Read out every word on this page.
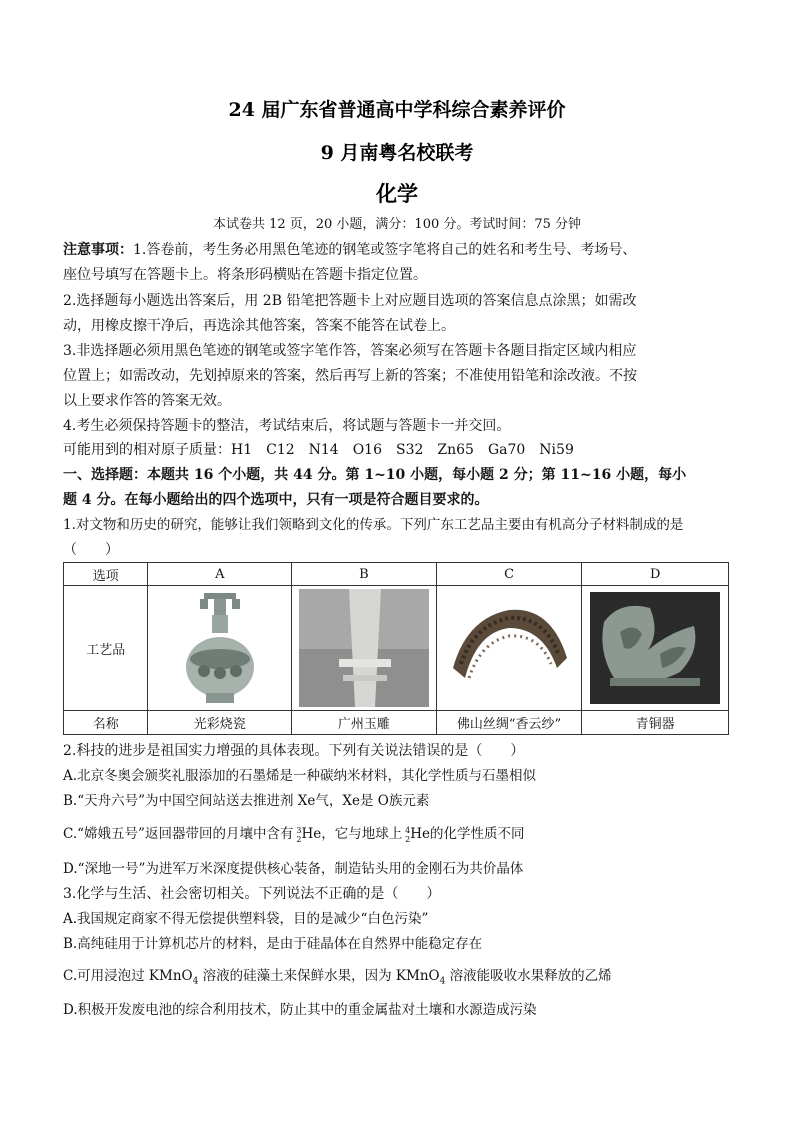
24 届广东省普通高中学科综合素养评价
9 月南粤名校联考
化学
本试卷共 12 页，20 小题，满分：100 分。考试时间：75 分钟
注意事项：1.答卷前，考生务必用黑色笔迹的钢笔或签字笔将自己的姓名和考生号、考场号、
座位号填写在答题卡上。将条形码横贴在答题卡指定位置。
2.选择题每小题选出答案后，用 2B 铅笔把答题卡上对应题目选项的答案信息点涂黑；如需改
动，用橡皮擦干净后，再选涂其他答案，答案不能答在试卷上。
3.非选择题必须用黑色笔迹的钢笔或签字笔作答，答案必须写在答题卡各题目指定区域内相应
位置上；如需改动，先划掉原来的答案，然后再写上新的答案；不准使用铅笔和涂改液。不按
以上要求作答的答案无效。
4.考生必须保持答题卡的整洁，考试结束后，将试题与答题卡一并交回。
可能用到的相对原子质量：H1　C12　N14　O16　S32　Zn65　Ga70　Ni59
一、选择题：本题共 16 个小题，共 44 分。第 1~10 小题，每小题 2 分；第 11~16 小题，每小
题 4 分。在每小题给出的四个选项中，只有一项是符合题目要求的。
1.对文物和历史的研究，能够让我们领略到文化的传承。下列广东工艺品主要由有机高分子材料制成的是
（　　）
选项	A	B	C	D
工艺品				
名称	光彩烧瓷	广州玉雕	佛山丝绸“香云纱”	青铜器
2.科技的进步是祖国实力增强的具体表现。下列有关说法错误的是（　　）
A.北京冬奥会颁奖礼服添加的石墨烯是一种碳纳米材料，其化学性质与石墨相似
B.“天舟六号”为中国空间站送去推进剂 Xe气，Xe是 O族元素
C.“嫦娥五号”返回器带回的月壤中含有 3
2 He，它与地球上 4
2 He的化学性质不同
D.“深地一号”为进军万米深度提供核心装备，制造钻头用的金刚石为共价晶体
3.化学与生活、社会密切相关。下列说法不正确的是（　　）
A.我国规定商家不得无偿提供塑料袋，目的是减少“白色污染”
B.高纯硅用于计算机芯片的材料，是由于硅晶体在自然界中能稳定存在
C.可用浸泡过 KMnO$_4$ 溶液的硅藻土来保鲜水果，因为 KMnO$_4$ 溶液能吸收水果释放的乙烯
D.积极开发废电池的综合利用技术，防止其中的重金属盐对土壤和水源造成污染
